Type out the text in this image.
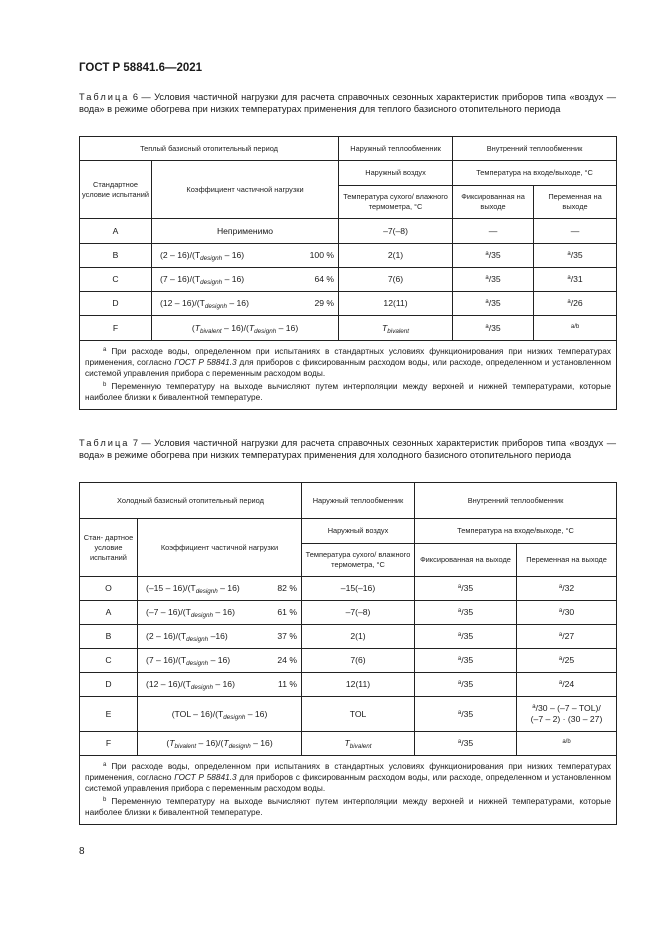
ГОСТ Р 58841.6—2021
Таблица 6 — Условия частичной нагрузки для расчета справочных сезонных характеристик приборов типа «воздух — вода» в режиме обогрева при низких температурах применения для теплого базисного отопительного периода
Теплый базисный отопительный период			Наружный теплообменник	Внутренний теплообменник	
Стандартное условие испытаний	Коэффициент частичной нагрузки		Наружный воздух	Температура на входе/выходе, °C	
			Температура сухого/ влажного термометра, °C	Фиксированная на выходе	Переменная на выходе
A	Неприменимо		–7(–8)	—	—
B	$(2 - 16)/(T_{designh} - 16)$	100 %	2(1)	$^a$/35	$^a$/35
C	$(7 - 16)/(T_{designh} - 16)$	64 %	7(6)	$^a$/35	$^a$/31
D	$(12 - 16)/(T_{designh} - 16)$	29 %	12(11)	$^a$/35	$^a$/26
F	$(T_{bivalent} - 16)/(T_{designh} - 16)$		$T_{bivalent}$	$^a$/35	$^{a/b}$

$^a$ При расходе воды, определенном при испытаниях в стандартных условиях функционирования при низких температурах применения, согласно ГОСТ Р 58841.3 для приборов с фиксированным расходом воды, или расходе, определенном и установленном системой управления прибора с переменным расходом воды.

$^b$ Переменную температуру на выходе вычисляют путем интерполяции между верхней и нижней температурами, которые наиболее близки к бивалентной температуре.					

Таблица 7 — Условия частичной нагрузки для расчета справочных сезонных характеристик приборов типа «воздух — вода» в режиме обогрева при низких температурах применения для холодного базисного отопительного периода
Холодный базисный отопительный период			Наружный теплообменник	Внутренний теплообменник	
Стан- дартное условие испытаний	Коэффициент частичной нагрузки		Наружный воздух	Температура на входе/выходе, °C	
			Температура сухого/ влажного термометра, °C	Фиксированная на выходе	Переменная на выходе
O	$(-15 - 16)/(T_{designh} - 16)$	82 %	–15(–16)	$^a$/35	$^a$/32
A	$(-7 - 16)/(T_{designh} - 16)$	61 %	–7(–8)	$^a$/35	$^a$/30
B	$(2 - 16)/(T_{designh}$ –16)	37 %	2(1)	$^a$/35	$^a$/27
C	$(7 - 16)/(T_{designh} - 16)$	24 %	7(6)	$^a$/35	$^a$/25
D	$(12 - 16)/(T_{designh} - 16)$	11 %	12(11)	$^a$/35	$^a$/24
E	$(TOL - 16)/(T_{designh} - 16)$		TOL	$^a$/35	$^a$/30 – (–7 – TOL)/
(–7 – 2) · (30 – 27)
F	$(T_{bivalent} - 16)/(T_{designh} - 16)$		$T_{bivalent}$	$^a$/35	$^{a/b}$

$^a$ При расходе воды, определенном при испытаниях в стандартных условиях функционирования при низких температурах применения, согласно ГОСТ Р 58841.3 для приборов с фиксированным расходом воды, или расходе, определенном и установленном системой управления прибора с переменным расходом воды.

$^b$ Переменную температуру на выходе вычисляют путем интерполяции между верхней и нижней температурами, которые наиболее близки к бивалентной температуре.					

8
